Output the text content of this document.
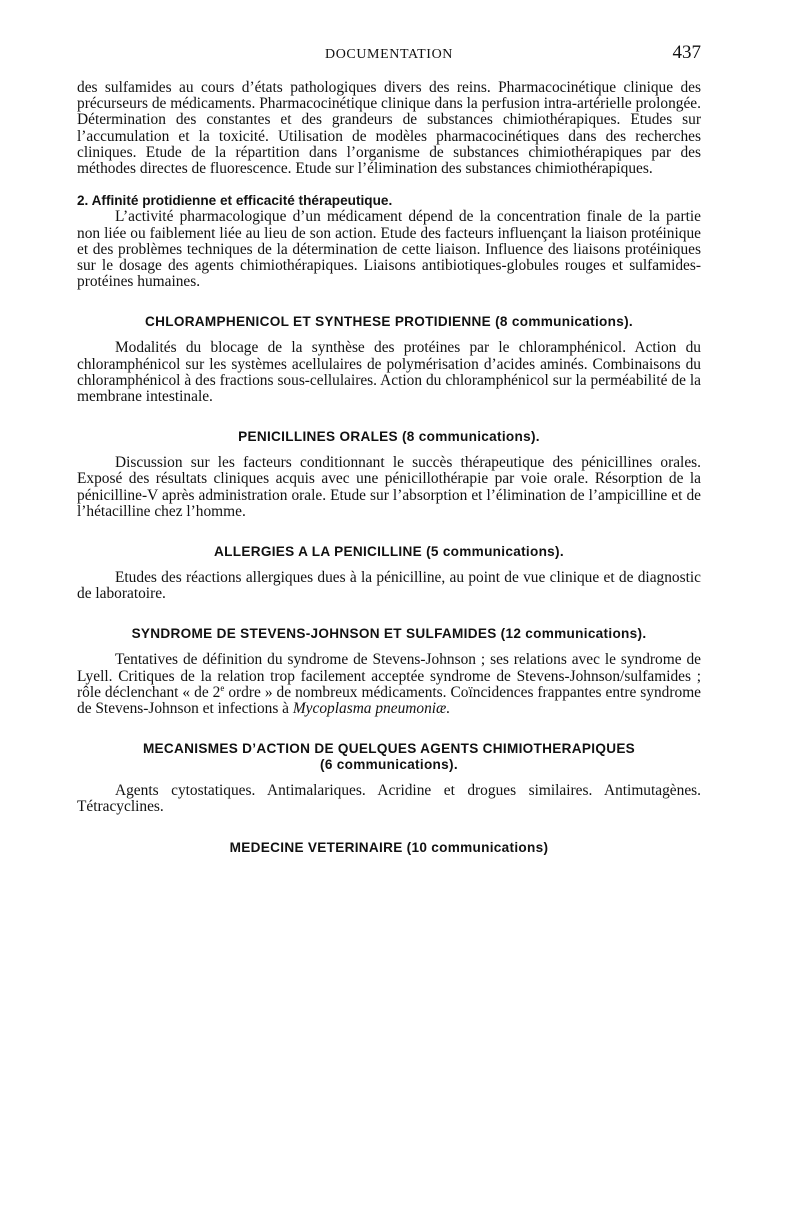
DOCUMENTATION	437

des sulfamides au cours d’états pathologiques divers des reins. Pharmacocinétique clinique des précurseurs de médicaments. Pharmacocinétique clinique dans la perfusion intra-artérielle prolongée. Détermination des constantes et des grandeurs de substances chimiothérapiques. Etudes sur l’accumulation et la toxicité. Utilisation de modèles pharmacocinétiques dans des recherches cliniques. Etude de la répartition dans l’organisme de substances chimiothérapiques par des méthodes directes de fluorescence. Etude sur l’élimination des substances chimiothérapiques.

2. Affinité protidienne et efficacité thérapeutique.

L’activité pharmacologique d’un médicament dépend de la concentration finale de la partie non liée ou faiblement liée au lieu de son action. Etude des facteurs influençant la liaison protéinique et des problèmes techniques de la détermination de cette liaison. Influence des liaisons protéiniques sur le dosage des agents chimiothérapiques. Liaisons antibiotiques-globules rouges et sulfamides-protéines humaines.

CHLORAMPHENICOL ET SYNTHESE PROTIDIENNE (8 communications).

Modalités du blocage de la synthèse des protéines par le chloramphénicol. Action du chloramphénicol sur les systèmes acellulaires de polymérisation d’acides aminés. Combinaisons du chloramphénicol à des fractions sous-cellulaires. Action du chloramphénicol sur la perméabilité de la membrane intestinale.

PENICILLINES ORALES (8 communications).

Discussion sur les facteurs conditionnant le succès thérapeutique des pénicillines orales. Exposé des résultats cliniques acquis avec une pénicillothérapie par voie orale. Résorption de la pénicilline-V après administration orale. Etude sur l’absorption et l’élimination de l’ampicilline et de l’hétacilline chez l’homme.

ALLERGIES A LA PENICILLINE (5 communications).

Etudes des réactions allergiques dues à la pénicilline, au point de vue clinique et de diagnostic de laboratoire.

SYNDROME DE STEVENS-JOHNSON ET SULFAMIDES (12 communications).

Tentatives de définition du syndrome de Stevens-Johnson ; ses relations avec le syndrome de Lyell. Critiques de la relation trop facilement acceptée syndrome de Stevens-Johnson/sulfamides ; rôle déclenchant « de 2e ordre » de nombreux médicaments. Coïncidences frappantes entre syndrome de Stevens-Johnson et infections à Mycoplasma pneumoniæ.

MECANISMES D’ACTION DE QUELQUES AGENTS CHIMIOTHERAPIQUES
(6 communications).

Agents cytostatiques. Antimalariques. Acridine et drogues similaires. Antimutagènes. Tétracyclines.

MEDECINE VETERINAIRE (10 communications)
